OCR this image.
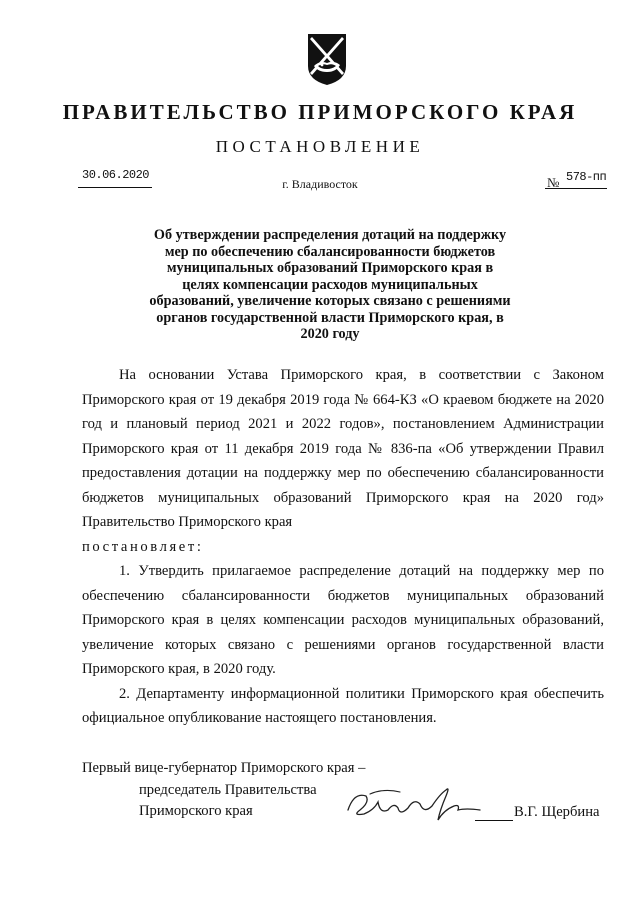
ПРАВИТЕЛЬСТВО ПРИМОРСКОГО КРАЯ
ПОСТАНОВЛЕНИЕ
30.06.2020
г. Владивосток	№ 578-пп
Об утверждении распределения дотаций на поддержку
мер по обеспечению сбалансированности бюджетов
муниципальных образований Приморского края в
целях компенсации расходов муниципальных
образований, увеличение которых связано с решениями
органов государственной власти Приморского края, в
2020 году

На основании Устава Приморского края, в соответствии с Законом Приморского края от 19 декабря 2019 года № 664-КЗ «О краевом бюджете на 2020 год и плановый период 2021 и 2022 годов», постановлением Администрации Приморского края от 11 декабря 2019 года № 836-па «Об утверждении Правил предоставления дотации на поддержку мер по обеспечению сбалансированности бюджетов муниципальных образований Приморского края на 2020 год» Правительство Приморского края

постановляет:

1. Утвердить прилагаемое распределение дотаций на поддержку мер по обеспечению сбалансированности бюджетов муниципальных образований Приморского края в целях компенсации расходов муниципальных образований, увеличение которых связано с решениями органов государственной власти Приморского края, в 2020 году.

2. Департаменту информационной политики Приморского края обеспечить официальное опубликование настоящего постановления.

Первый вице-губернатор Приморского края –
председатель Правительства
Приморского края	В.Г. Щербина
